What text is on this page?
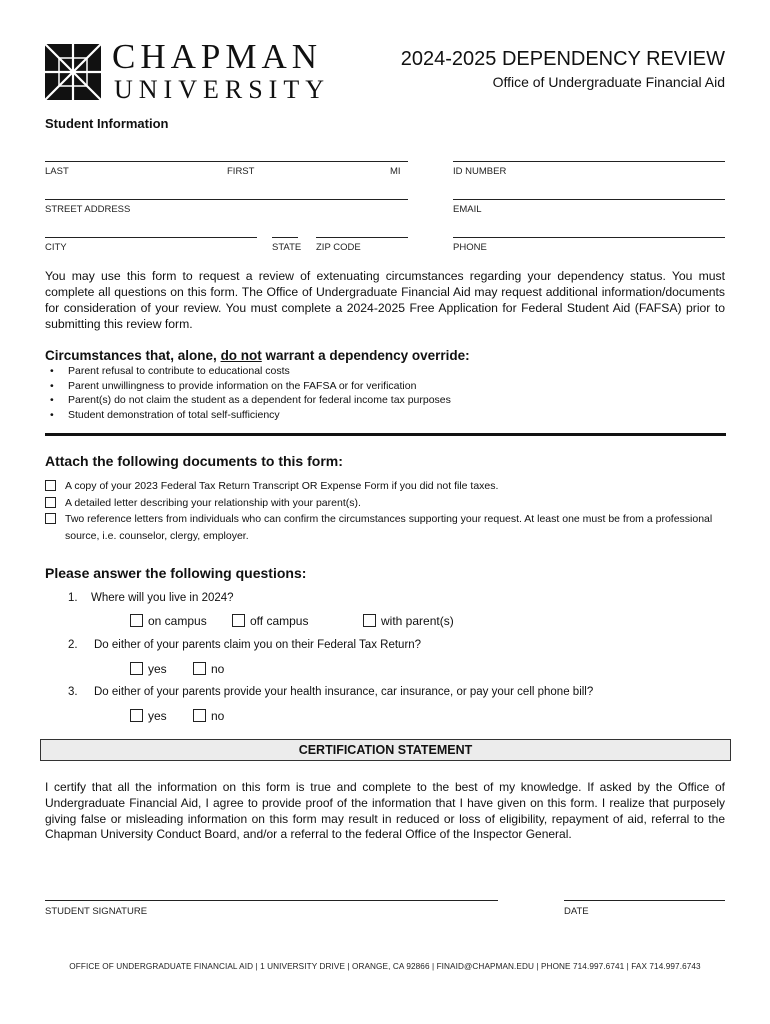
CHAPMAN
UNIVERSITY
2024-2025 DEPENDENCY REVIEW
Office of Undergraduate Financial Aid
Student Information
LAST	FIRST	MI	ID NUMBER
STREET ADDRESS	EMAIL
CITY	STATE ZIP CODE	PHONE
You may use this form to request a review of extenuating circumstances regarding your dependency status. You must complete all questions on this form. The Office of Undergraduate Financial Aid may request additional information/documents for consideration of your review. You must complete a 2024-2025 Free Application for Federal Student Aid (FAFSA) prior to submitting this review form.
Circumstances that, alone, do not warrant a dependency override:
• Parent refusal to contribute to educational costs
• Parent unwillingness to provide information on the FAFSA or for verification
• Parent(s) do not claim the student as a dependent for federal income tax purposes
• Student demonstration of total self-sufficiency
Attach the following documents to this form:
A copy of your 2023 Federal Tax Return Transcript OR Expense Form if you did not file taxes.
A detailed letter describing your relationship with your parent(s).
Two reference letters from individuals who can confirm the circumstances supporting your request. At least one must be from a professional source, i.e. counselor, clergy, employer.
Please answer the following questions:
1. Where will you live in 2024?
on campus	off campus	with parent(s)
2. Do either of your parents claim you on their Federal Tax Return?
yes	no
3. Do either of your parents provide your health insurance, car insurance, or pay your cell phone bill?
yes	no
CERTIFICATION STATEMENT
I certify that all the information on this form is true and complete to the best of my knowledge. If asked by the Office of Undergraduate Financial Aid, I agree to provide proof of the information that I have given on this form. I realize that purposely giving false or misleading information on this form may result in reduced or loss of eligibility, repayment of aid, referral to the Chapman University Conduct Board, and/or a referral to the federal Office of the Inspector General.
STUDENT SIGNATURE	DATE
OFFICE OF UNDERGRADUATE FINANCIAL AID | 1 UNIVERSITY DRIVE | ORANGE, CA 92866 | FINAID@CHAPMAN.EDU | PHONE 714.997.6741 | FAX 714.997.6743
